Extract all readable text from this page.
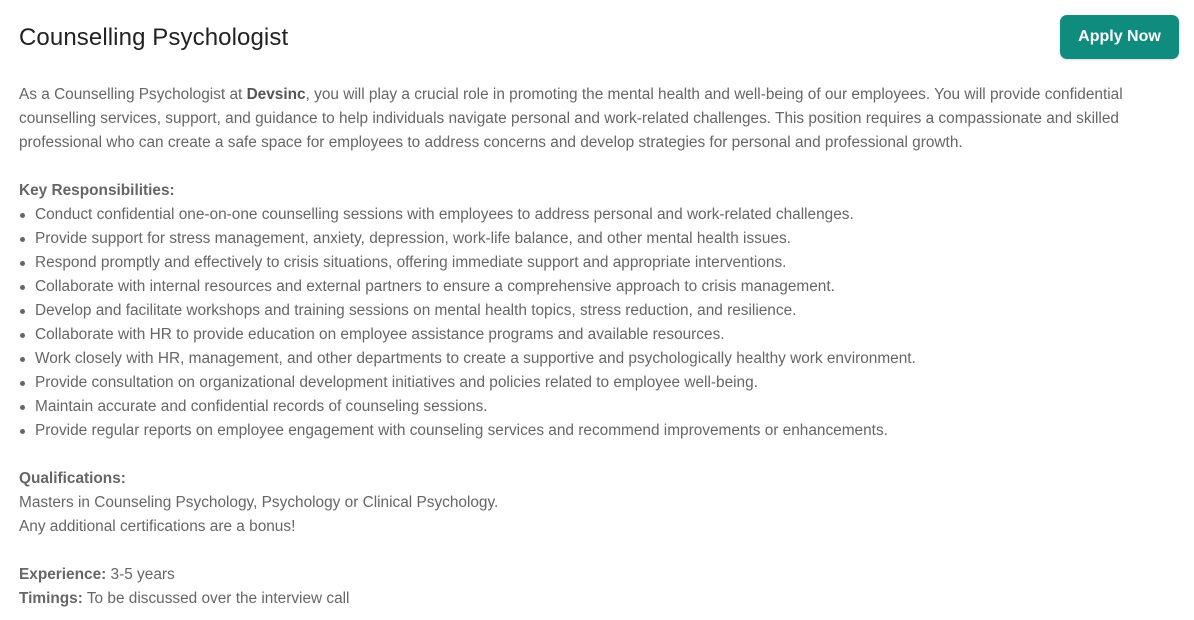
Counselling Psychologist	Apply Now

As a Counselling Psychologist at Devsinc, you will play a crucial role in promoting the mental health and well-being of our employees. You will provide confidential counselling services, support, and guidance to help individuals navigate personal and work-related challenges. This position requires a compassionate and skilled professional who can create a safe space for employees to address concerns and develop strategies for personal and professional growth.

Key Responsibilities:
Conduct confidential one-on-one counselling sessions with employees to address personal and work-related challenges.
Provide support for stress management, anxiety, depression, work-life balance, and other mental health issues.
Respond promptly and effectively to crisis situations, offering immediate support and appropriate interventions.
Collaborate with internal resources and external partners to ensure a comprehensive approach to crisis management.
Develop and facilitate workshops and training sessions on mental health topics, stress reduction, and resilience.
Collaborate with HR to provide education on employee assistance programs and available resources.
Work closely with HR, management, and other departments to create a supportive and psychologically healthy work environment.
Provide consultation on organizational development initiatives and policies related to employee well-being.
Maintain accurate and confidential records of counseling sessions.
Provide regular reports on employee engagement with counseling services and recommend improvements or enhancements.
Qualifications:
Masters in Counseling Psychology, Psychology or Clinical Psychology.
Any additional certifications are a bonus!
Experience: 3-5 years
Timings: To be discussed over the interview call
